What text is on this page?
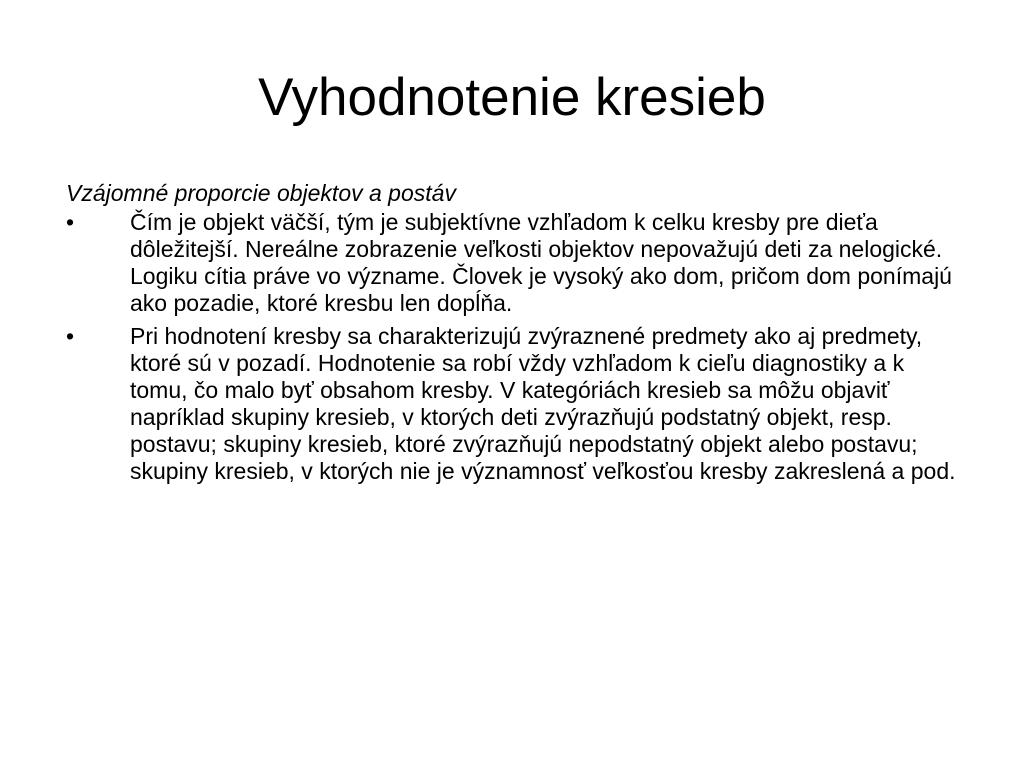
Vyhodnotenie kresieb

Vzájomné proporcie objektov a postáv

•	Čím je objekt väčší, tým je subjektívne vzhľadom k celku kresby pre dieťa dôležitejší. Nereálne zobrazenie veľkosti objektov nepovažujú deti za nelogické. Logiku cítia práve vo význame. Človek je vysoký ako dom, pričom dom ponímajú ako pozadie, ktoré kresbu len dopĺňa.
•	Pri hodnotení kresby sa charakterizujú zvýraznené predmety ako aj predmety, ktoré sú v pozadí. Hodnotenie sa robí vždy vzhľadom k cieľu diagnostiky a k tomu, čo malo byť obsahom kresby. V kategóriách kresieb sa môžu objaviť napríklad skupiny kresieb, v ktorých deti zvýrazňujú podstatný objekt, resp. postavu; skupiny kresieb, ktoré zvýrazňujú nepodstatný objekt alebo postavu; skupiny kresieb, v ktorých nie je významnosť veľkosťou kresby zakreslená a pod.
